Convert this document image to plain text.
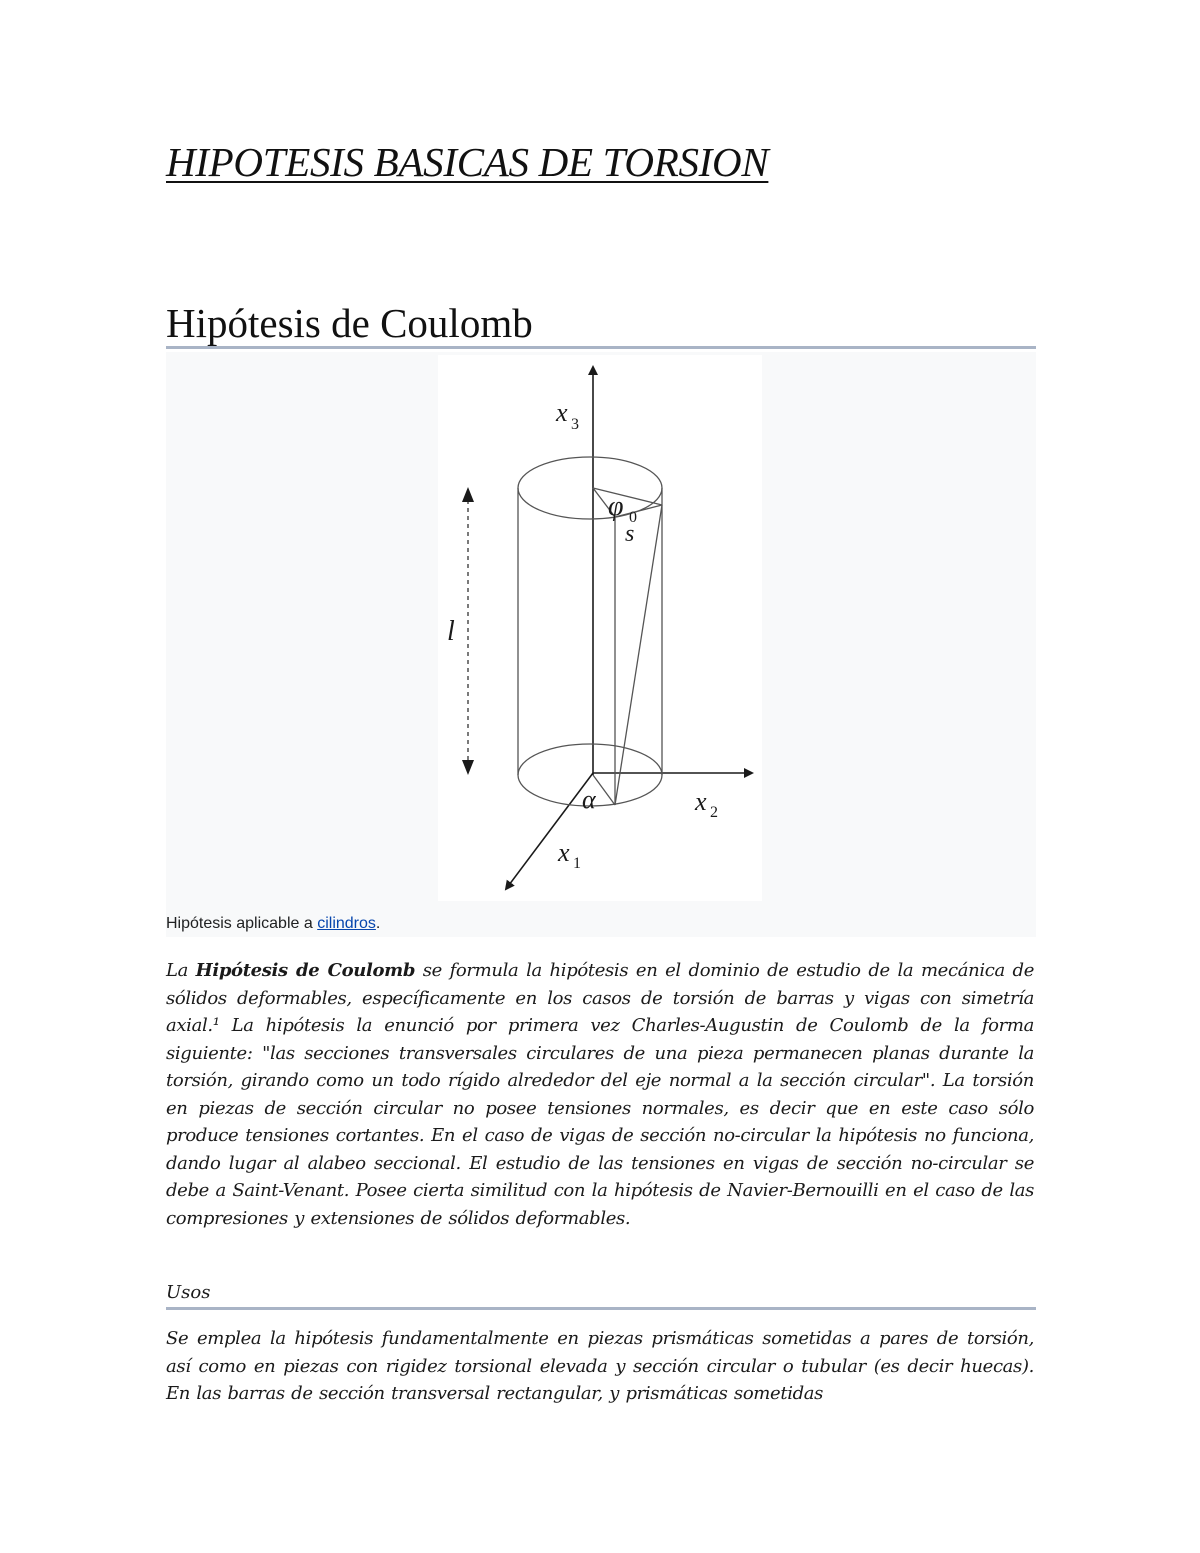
HIPOTESIS BASICAS DE TORSION
Hipótesis de Coulomb
x 3
φ 0
s
l
α	x 2
x 1
Hipótesis aplicable a cilindros.

La Hipótesis de Coulomb se formula la hipótesis en el dominio de estudio de la mecánica de sólidos deformables, específicamente en los casos de torsión de barras y vigas con simetría axial.¹ La hipótesis la enunció por primera vez Charles-Augustin de Coulomb de la forma siguiente: "las secciones transversales circulares de una pieza permanecen planas durante la torsión, girando como un todo rígido alrededor del eje normal a la sección circular". La torsión en piezas de sección circular no posee tensiones normales, es decir que en este caso sólo produce tensiones cortantes. En el caso de vigas de sección no-circular la hipótesis no funciona, dando lugar al alabeo seccional. El estudio de las tensiones en vigas de sección no-circular se debe a Saint-Venant. Posee cierta similitud con la hipótesis de Navier-Bernouilli en el caso de las compresiones y extensiones de sólidos deformables.

Usos

Se emplea la hipótesis fundamentalmente en piezas prismáticas sometidas a pares de torsión, así como en piezas con rigidez torsional elevada y sección circular o tubular (es decir huecas). En las barras de sección transversal rectangular, y prismáticas sometidas
